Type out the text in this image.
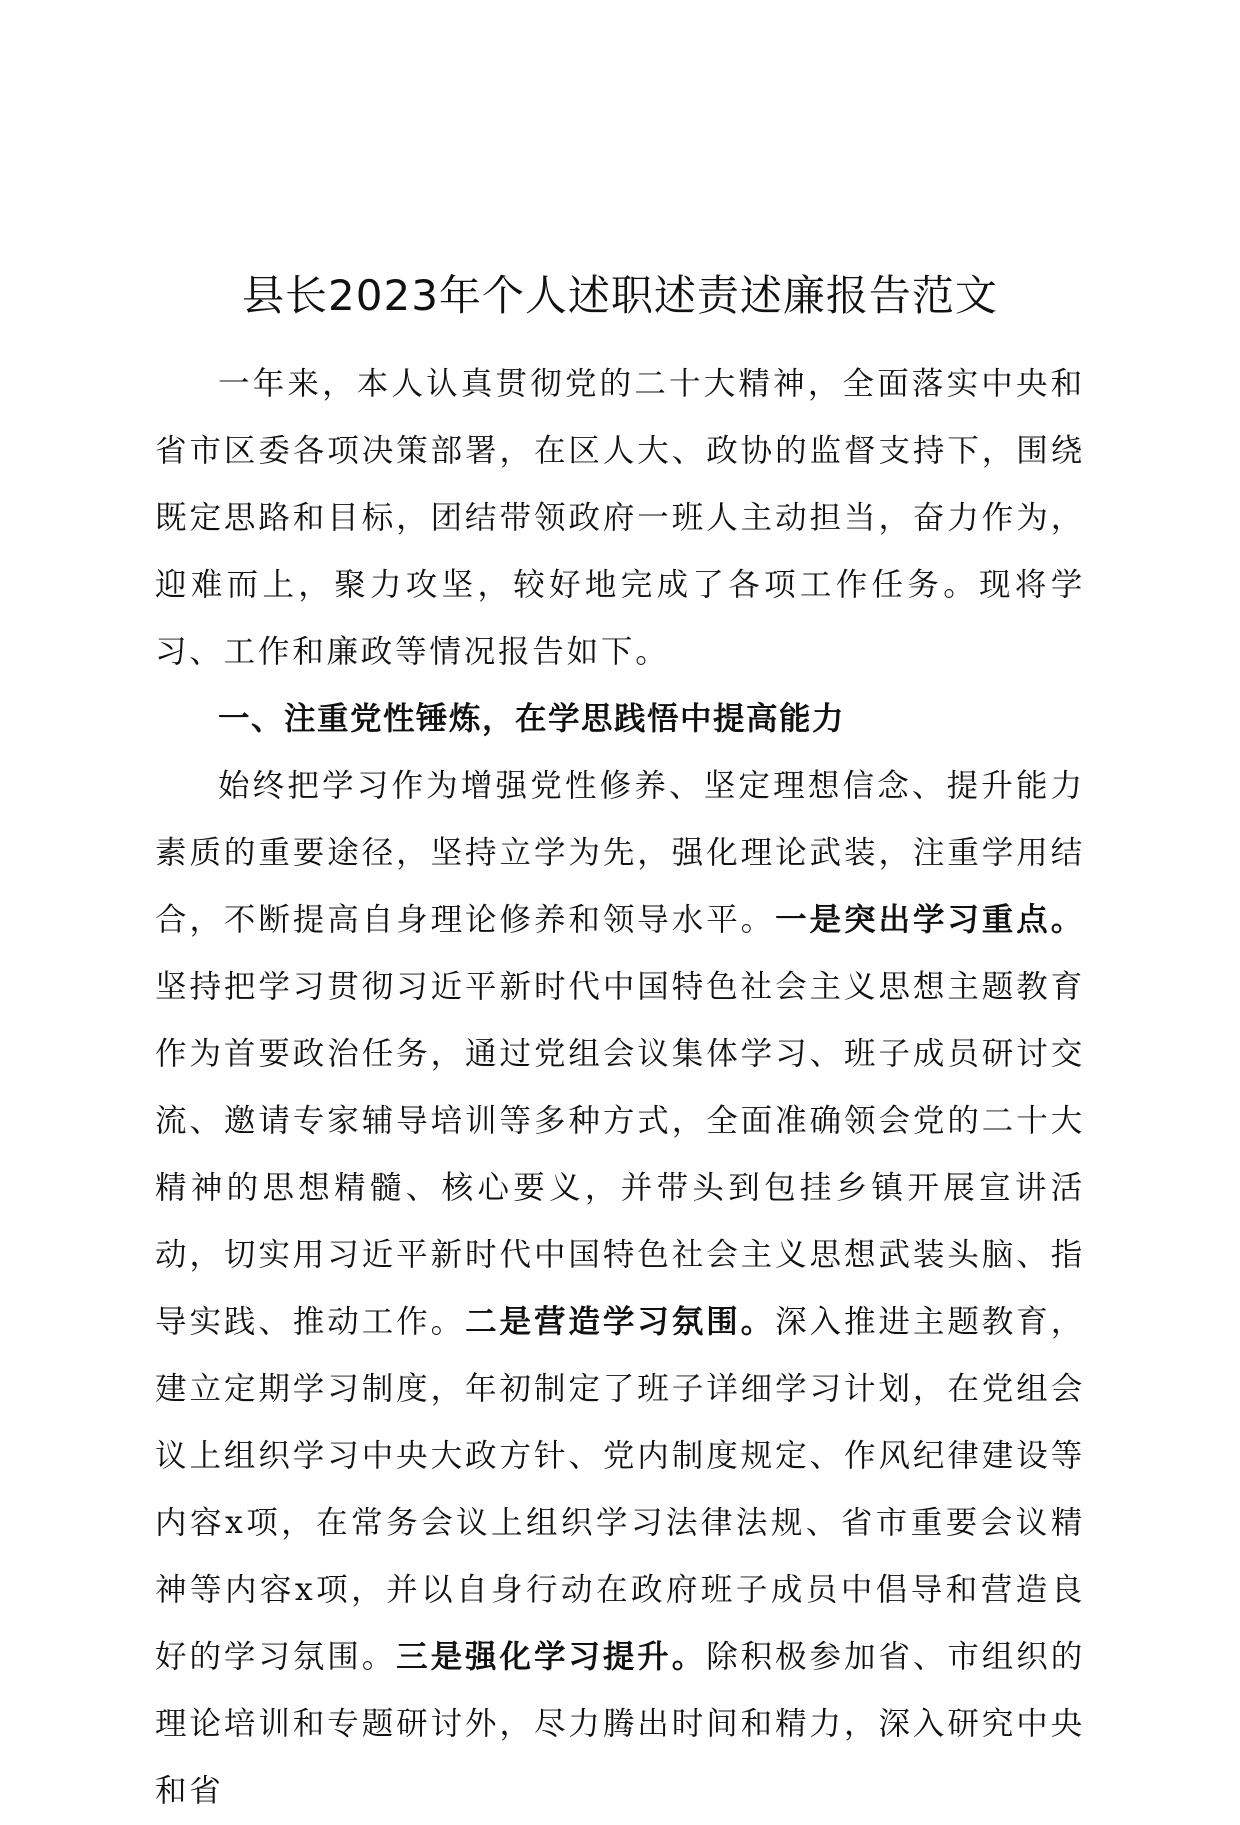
县长2023年个人述职述责述廉报告范文

一年来，本人认真贯彻党的二十大精神，全面落实中央和省市区委各项决策部署，在区人大、政协的监督支持下，围绕既定思路和目标，团结带领政府一班人主动担当，奋力作为，迎难而上，聚力攻坚，较好地完成了各项工作任务。现将学习、工作和廉政等情况报告如下。

一、注重党性锤炼，在学思践悟中提高能力

始终把学习作为增强党性修养、坚定理想信念、提升能力素质的重要途径，坚持立学为先，强化理论武装，注重学用结合，不断提高自身理论修养和领导水平。一是突出学习重点。坚持把学习贯彻习近平新时代中国特色社会主义思想主题教育作为首要政治任务，通过党组会议集体学习、班子成员研讨交流、邀请专家辅导培训等多种方式，全面准确领会党的二十大精神的思想精髓、核心要义，并带头到包挂乡镇开展宣讲活动，切实用习近平新时代中国特色社会主义思想武装头脑、指导实践、推动工作。二是营造学习氛围。深入推进主题教育，建立定期学习制度，年初制定了班子详细学习计划，在党组会议上组织学习中央大政方针、党内制度规定、作风纪律建设等内容x项，在常务会议上组织学习法律法规、省市重要会议精神等内容x项，并以自身行动在政府班子成员中倡导和营造良好的学习氛围。三是强化学习提升。除积极参加省、市组织的理论培训和专题研讨外，尽力腾出时间和精力，深入研究中央和省
